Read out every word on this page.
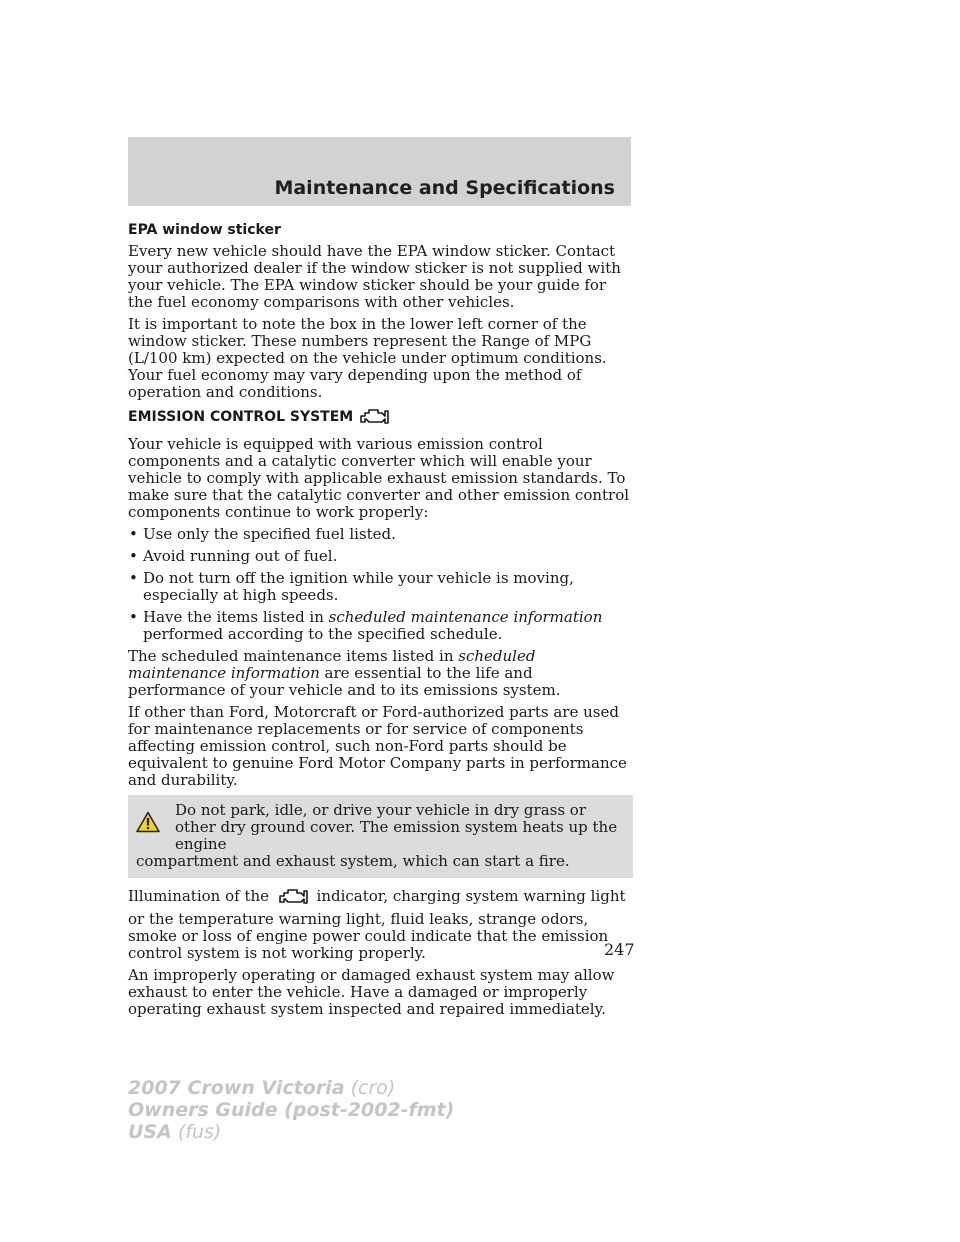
Maintenance and Specifications
EPA window sticker

Every new vehicle should have the EPA window sticker. Contact your authorized dealer if the window sticker is not supplied with your vehicle. The EPA window sticker should be your guide for the fuel economy comparisons with other vehicles.

It is important to note the box in the lower left corner of the window sticker. These numbers represent the Range of MPG (L/100 km) expected on the vehicle under optimum conditions. Your fuel economy may vary depending upon the method of operation and conditions.

EMISSION CONTROL SYSTEM

Your vehicle is equipped with various emission control components and a catalytic converter which will enable your vehicle to comply with applicable exhaust emission standards. To make sure that the catalytic converter and other emission control components continue to work properly:

• Use only the specified fuel listed.
• Avoid running out of fuel.
• Do not turn off the ignition while your vehicle is moving, especially at high speeds.
• Have the items listed in scheduled maintenance information performed according to the specified schedule.

The scheduled maintenance items listed in scheduled maintenance information are essential to the life and performance of your vehicle and to its emissions system.

If other than Ford, Motorcraft or Ford-authorized parts are used for maintenance replacements or for service of components affecting emission control, such non-Ford parts should be equivalent to genuine Ford Motor Company parts in performance and durability.

Do not park, idle, or drive your vehicle in dry grass or other dry ground cover. The emission system heats up the engine
compartment and exhaust system, which can start a fire.

Illumination of the	indicator, charging system warning light or the temperature warning light, fluid leaks, strange odors, smoke or loss of engine power could indicate that the emission control system is not working properly.

An improperly operating or damaged exhaust system may allow exhaust to enter the vehicle. Have a damaged or improperly operating exhaust system inspected and repaired immediately.

247
2007 Crown Victoria (cro)
Owners Guide (post-2002-fmt)
USA (fus)
